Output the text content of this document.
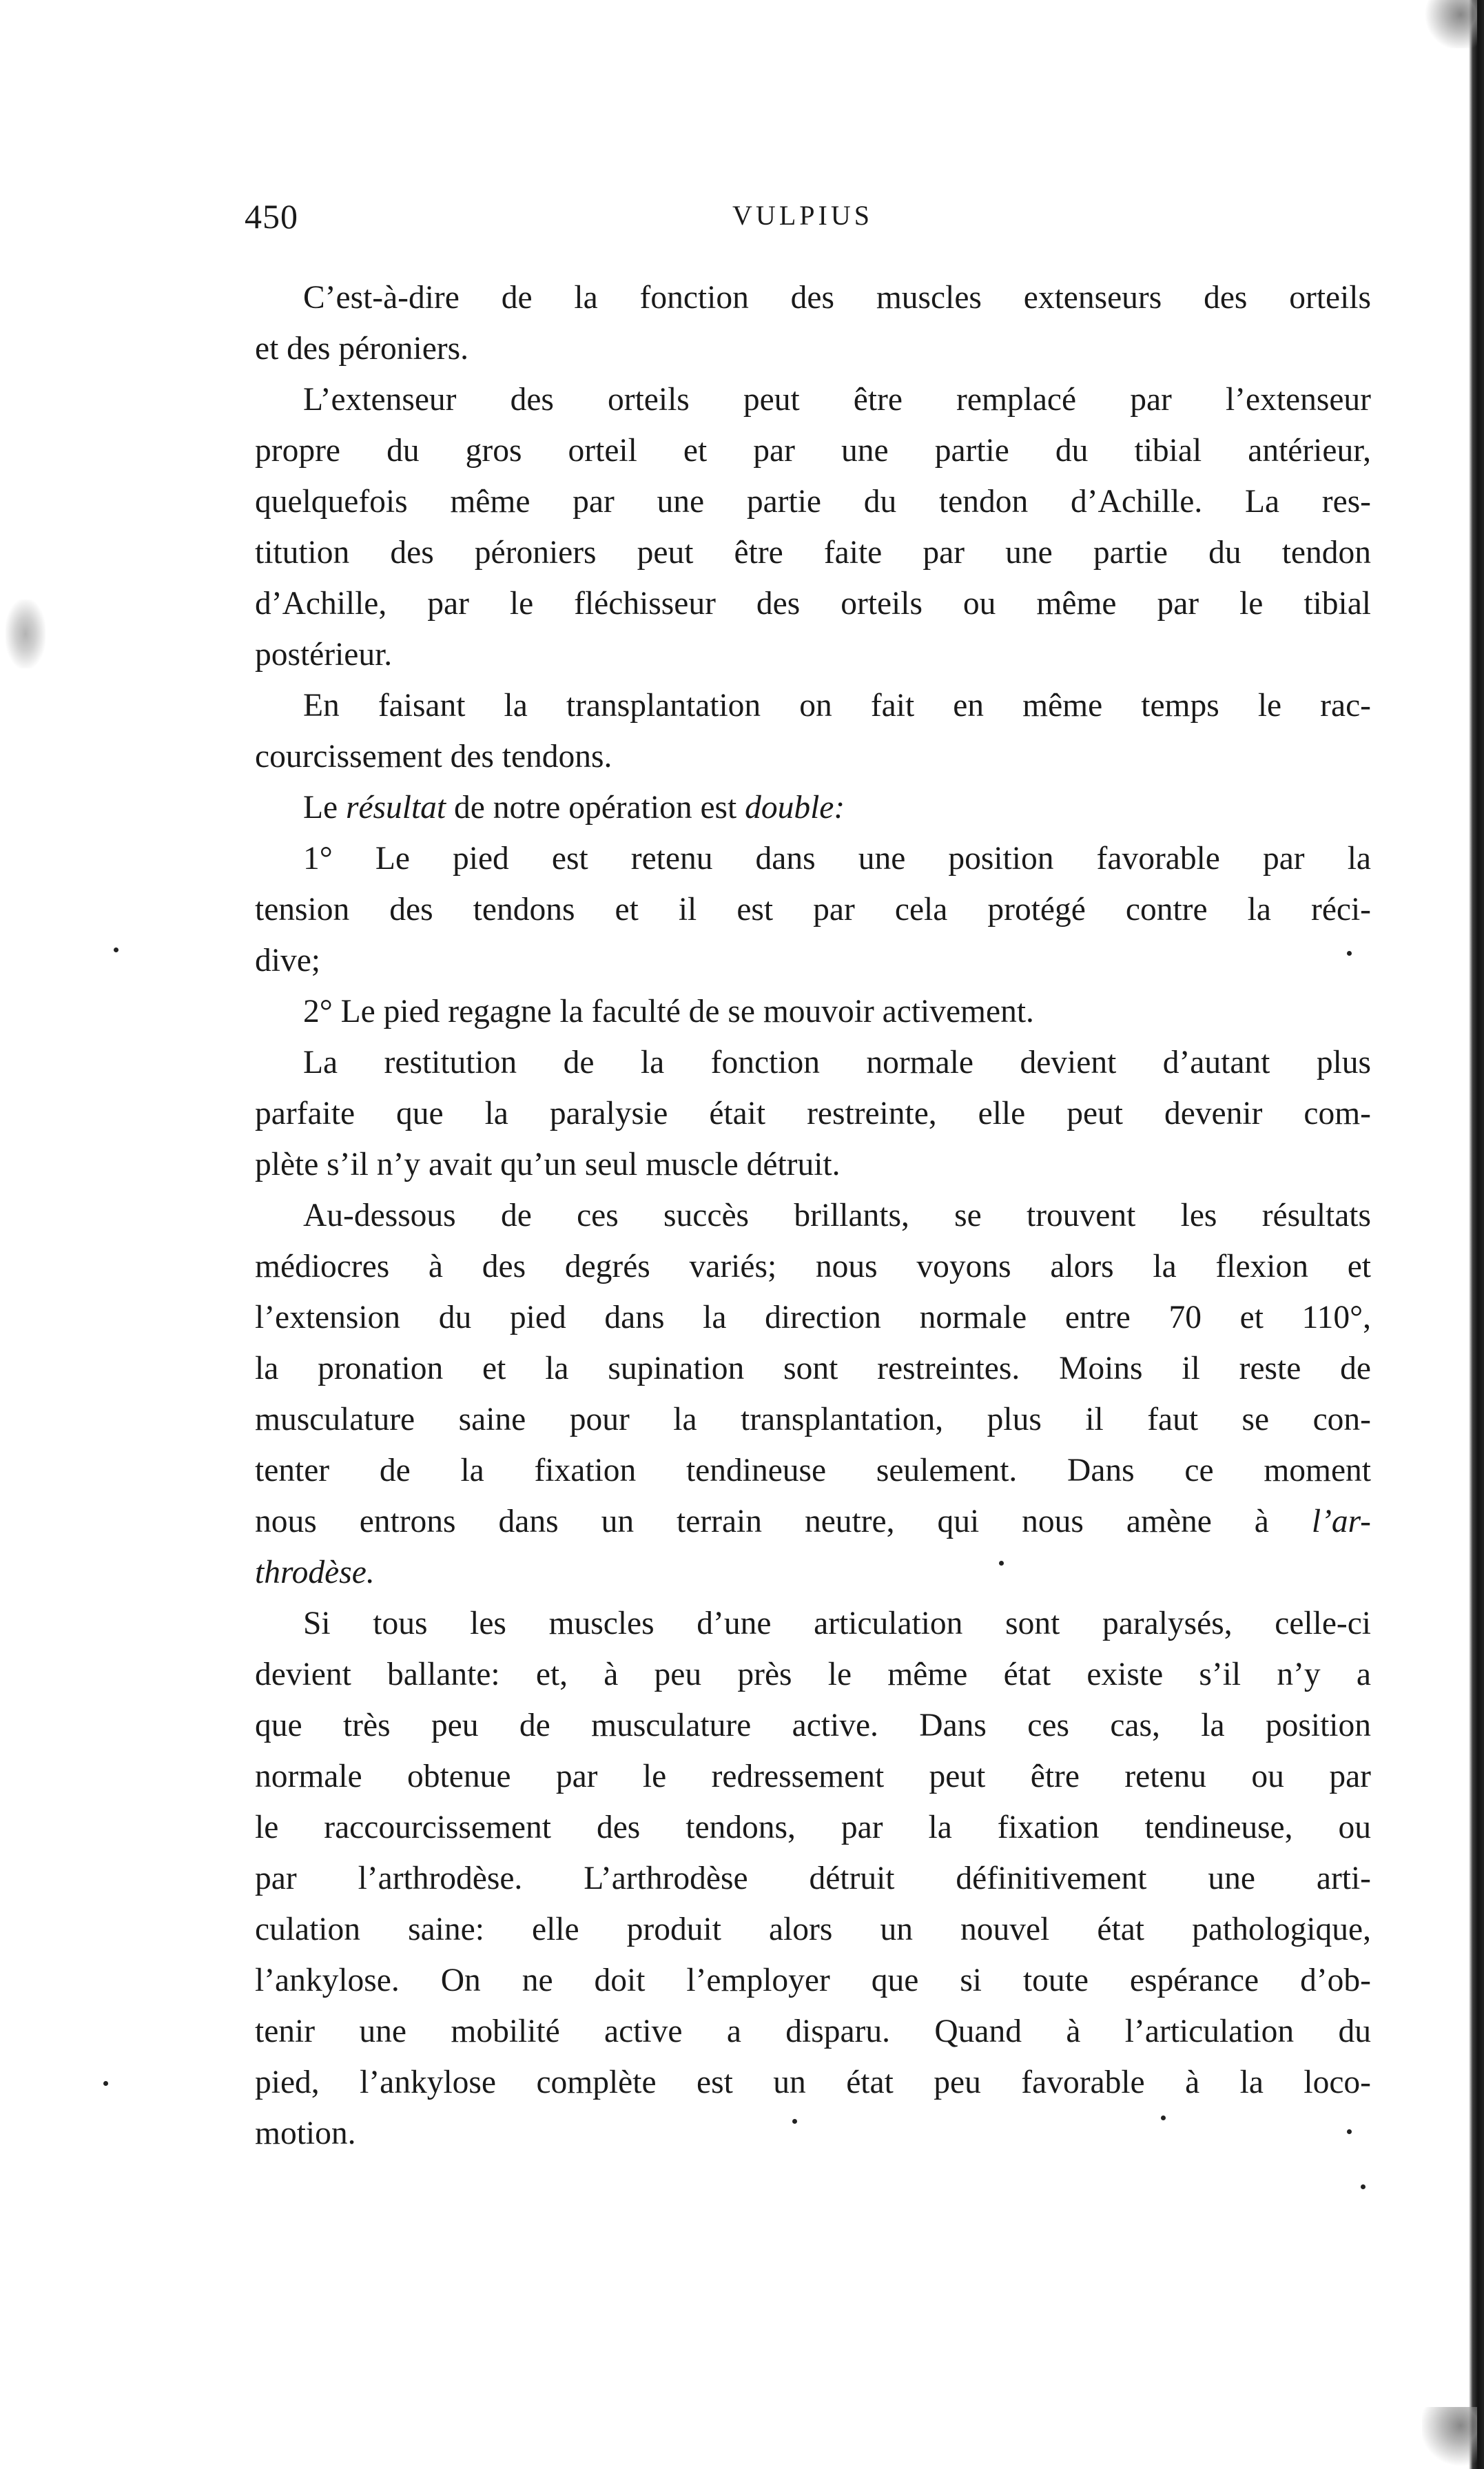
450	VULPIUS
C’est-à-dire de la fonction des muscles extenseurs des orteils
et des péroniers.
L’extenseur des orteils peut être remplacé par l’extenseur
propre du gros orteil et par une partie du tibial antérieur,
quelquefois même par une partie du tendon d’Achille. La res-
titution des péroniers peut être faite par une partie du tendon
d’Achille, par le fléchisseur des orteils ou même par le tibial
postérieur.
En faisant la transplantation on fait en même temps le rac-
courcissement des tendons.
Le résultat de notre opération est double:
1° Le pied est retenu dans une position favorable par la
tension des tendons et il est par cela protégé contre la réci-
dive;
2° Le pied regagne la faculté de se mouvoir activement.
La restitution de la fonction normale devient d’autant plus
parfaite que la paralysie était restreinte, elle peut devenir com-
plète s’il n’y avait qu’un seul muscle détruit.
Au-dessous de ces succès brillants, se trouvent les résultats
médiocres à des degrés variés; nous voyons alors la flexion et
l’extension du pied dans la direction normale entre 70 et 110°,
la pronation et la supination sont restreintes. Moins il reste de
musculature saine pour la transplantation, plus il faut se con-
tenter de la fixation tendineuse seulement. Dans ce moment
nous entrons dans un terrain neutre, qui nous amène à l’ar-
throdèse.
Si tous les muscles d’une articulation sont paralysés, celle-ci
devient ballante: et, à peu près le même état existe s’il n’y a
que très peu de musculature active. Dans ces cas, la position
normale obtenue par le redressement peut être retenu ou par
le raccourcissement des tendons, par la fixation tendineuse, ou
par l’arthrodèse. L’arthrodèse détruit définitivement une arti-
culation saine: elle produit alors un nouvel état pathologique,
l’ankylose. On ne doit l’employer que si toute espérance d’ob-
tenir une mobilité active a disparu. Quand à l’articulation du
pied, l’ankylose complète est un état peu favorable à la loco-
motion.
